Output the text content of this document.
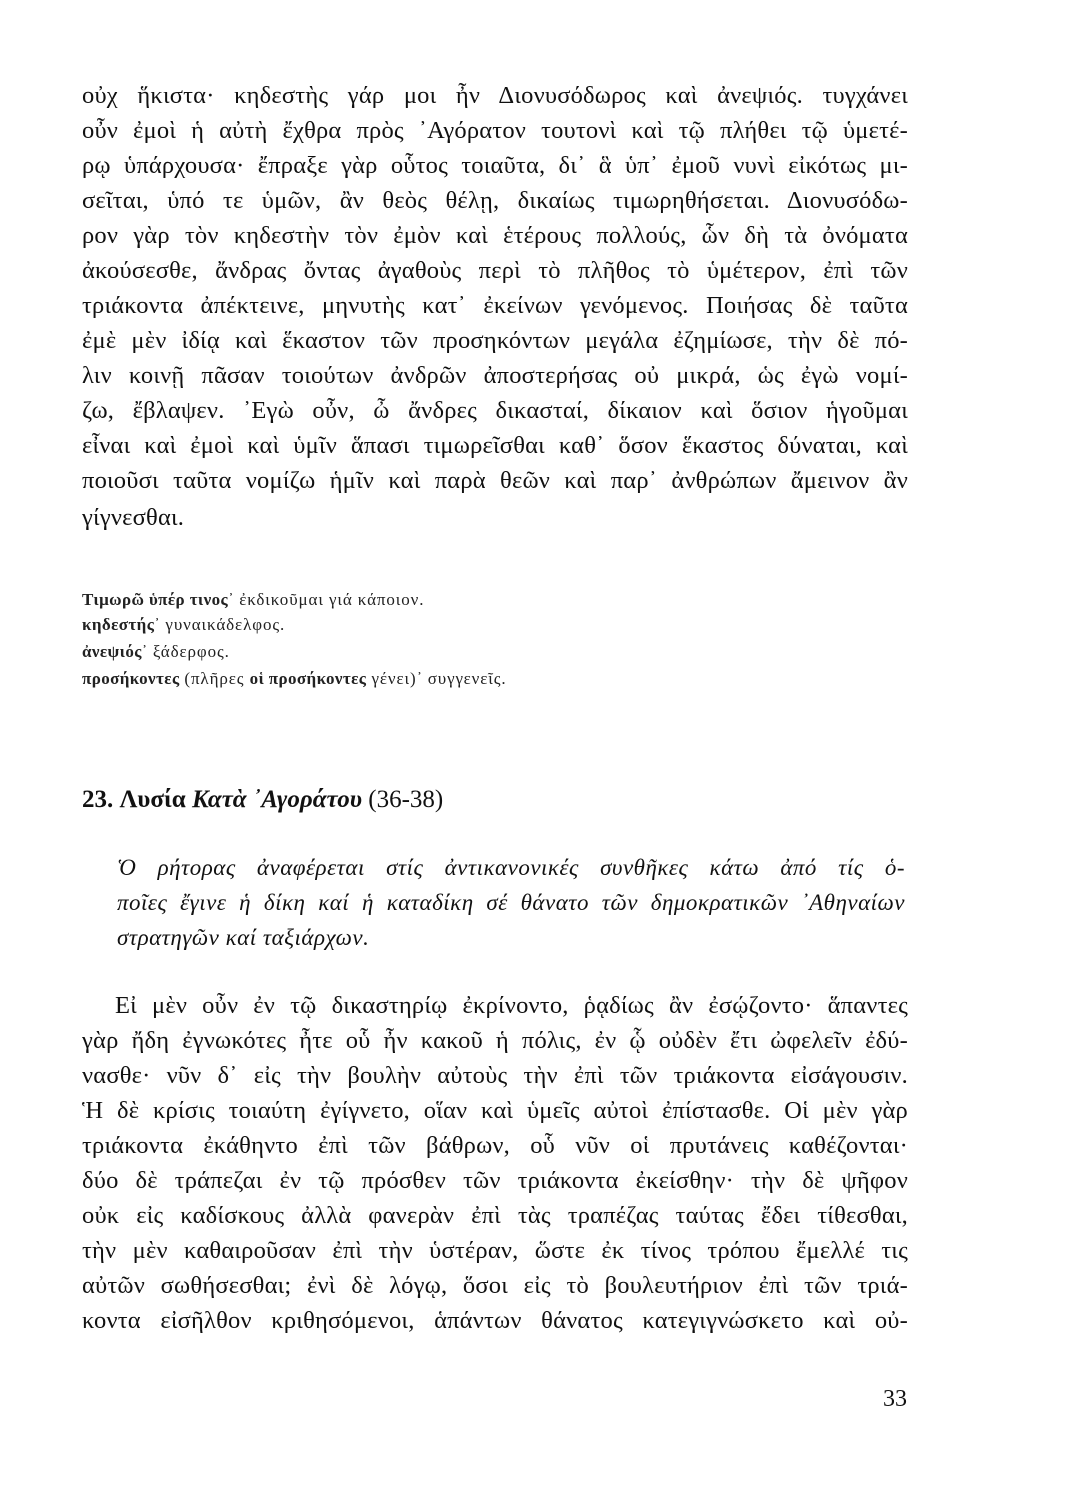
οὐχ ἥκιστα· κηδεστὴς γάρ μοι ἦν Διονυσόδωρος καὶ ἀνεψιός. τυγχάνει
οὖν ἐμοὶ ἡ αὐτὴ ἔχθρα πρὸς ᾿Αγόρατον τουτονὶ καὶ τῷ πλήθει τῷ ὑμετέ-
ρῳ ὑπάρχουσα· ἔπραξε γὰρ οὗτος τοιαῦτα, δι᾿ ἃ ὑπ᾿ ἐμοῦ νυνὶ εἰκότως μι-
σεῖται, ὑπό τε ὑμῶν, ἂν θεὸς θέλῃ, δικαίως τιμωρηθήσεται. Διονυσόδω-
ρον γὰρ τὸν κηδεστὴν τὸν ἐμὸν καὶ ἑτέρους πολλούς, ὧν δὴ τὰ ὀνόματα
ἀκούσεσθε, ἄνδρας ὄντας ἀγαθοὺς περὶ τὸ πλῆθος τὸ ὑμέτερον, ἐπὶ τῶν
τριάκοντα ἀπέκτεινε, μηνυτὴς κατ᾿ ἐκείνων γενόμενος. Ποιήσας δὲ ταῦτα
ἐμὲ μὲν ἰδίᾳ καὶ ἕκαστον τῶν προσηκόντων μεγάλα ἐζημίωσε, τὴν δὲ πό-
λιν κοινῇ πᾶσαν τοιούτων ἀνδρῶν ἀποστερήσας οὐ μικρά, ὡς ἐγὼ νομί-
ζω, ἔβλαψεν. ᾿Εγὼ οὖν, ὦ ἄνδρες δικασταί, δίκαιον καὶ ὅσιον ἡγοῦμαι
εἶναι καὶ ἐμοὶ καὶ ὑμῖν ἅπασι τιμωρεῖσθαι καθ᾿ ὅσον ἕκαστος δύναται, καὶ
ποιοῦσι ταῦτα νομίζω ἡμῖν καὶ παρὰ θεῶν καὶ παρ᾿ ἀνθρώπων ἄμεινον ἂν
γίγνεσθαι.
Τιμωρῶ ὑπέρ τινος᾿ ἐκδικοῦμαι γιά κάποιον.
κηδεστής᾿ γυναικάδελφος.
ἀνεψιός᾿ ξάδερφος.
προσήκοντες (πλῆρες οἱ προσήκοντες γένει)᾿ συγγενεῖς.
23. Λυσία Κατὰ ᾿Αγοράτου (36-38)
Ὁ ρήτορας ἀναφέρεται στίς ἀντικανονικές συνθῆκες κάτω ἀπό τίς ὁ-
ποῖες ἔγινε ἡ δίκη καί ἡ καταδίκη σέ θάνατο τῶν δημοκρατικῶν ᾿Αθηναίων
στρατηγῶν καί ταξιάρχων.
Εἰ μὲν οὖν ἐν τῷ δικαστηρίῳ ἐκρίνοντο, ῥᾳδίως ἂν ἐσῴζοντο· ἅπαντες
γὰρ ἤδη ἐγνωκότες ἦτε οὗ ἦν κακοῦ ἡ πόλις, ἐν ᾧ οὐδὲν ἔτι ὠφελεῖν ἐδύ-
νασθε· νῦν δ᾿ εἰς τὴν βουλὴν αὐτοὺς τὴν ἐπὶ τῶν τριάκοντα εἰσάγουσιν.
Ἡ δὲ κρίσις τοιαύτη ἐγίγνετο, οἵαν καὶ ὑμεῖς αὐτοὶ ἐπίστασθε. Οἱ μὲν γὰρ
τριάκοντα ἐκάθηντο ἐπὶ τῶν βάθρων, οὗ νῦν οἱ πρυτάνεις καθέζονται·
δύο δὲ τράπεζαι ἐν τῷ πρόσθεν τῶν τριάκοντα ἐκείσθην· τὴν δὲ ψῆφον
οὐκ εἰς καδίσκους ἀλλὰ φανερὰν ἐπὶ τὰς τραπέζας ταύτας ἔδει τίθεσθαι,
τὴν μὲν καθαιροῦσαν ἐπὶ τὴν ὑστέραν, ὥστε ἐκ τίνος τρόπου ἔμελλέ τις
αὐτῶν σωθήσεσθαι; ἐνὶ δὲ λόγῳ, ὅσοι εἰς τὸ βουλευτήριον ἐπὶ τῶν τριά-
κοντα εἰσῆλθον κριθησόμενοι, ἁπάντων θάνατος κατεγιγνώσκετο καὶ οὐ-
33
